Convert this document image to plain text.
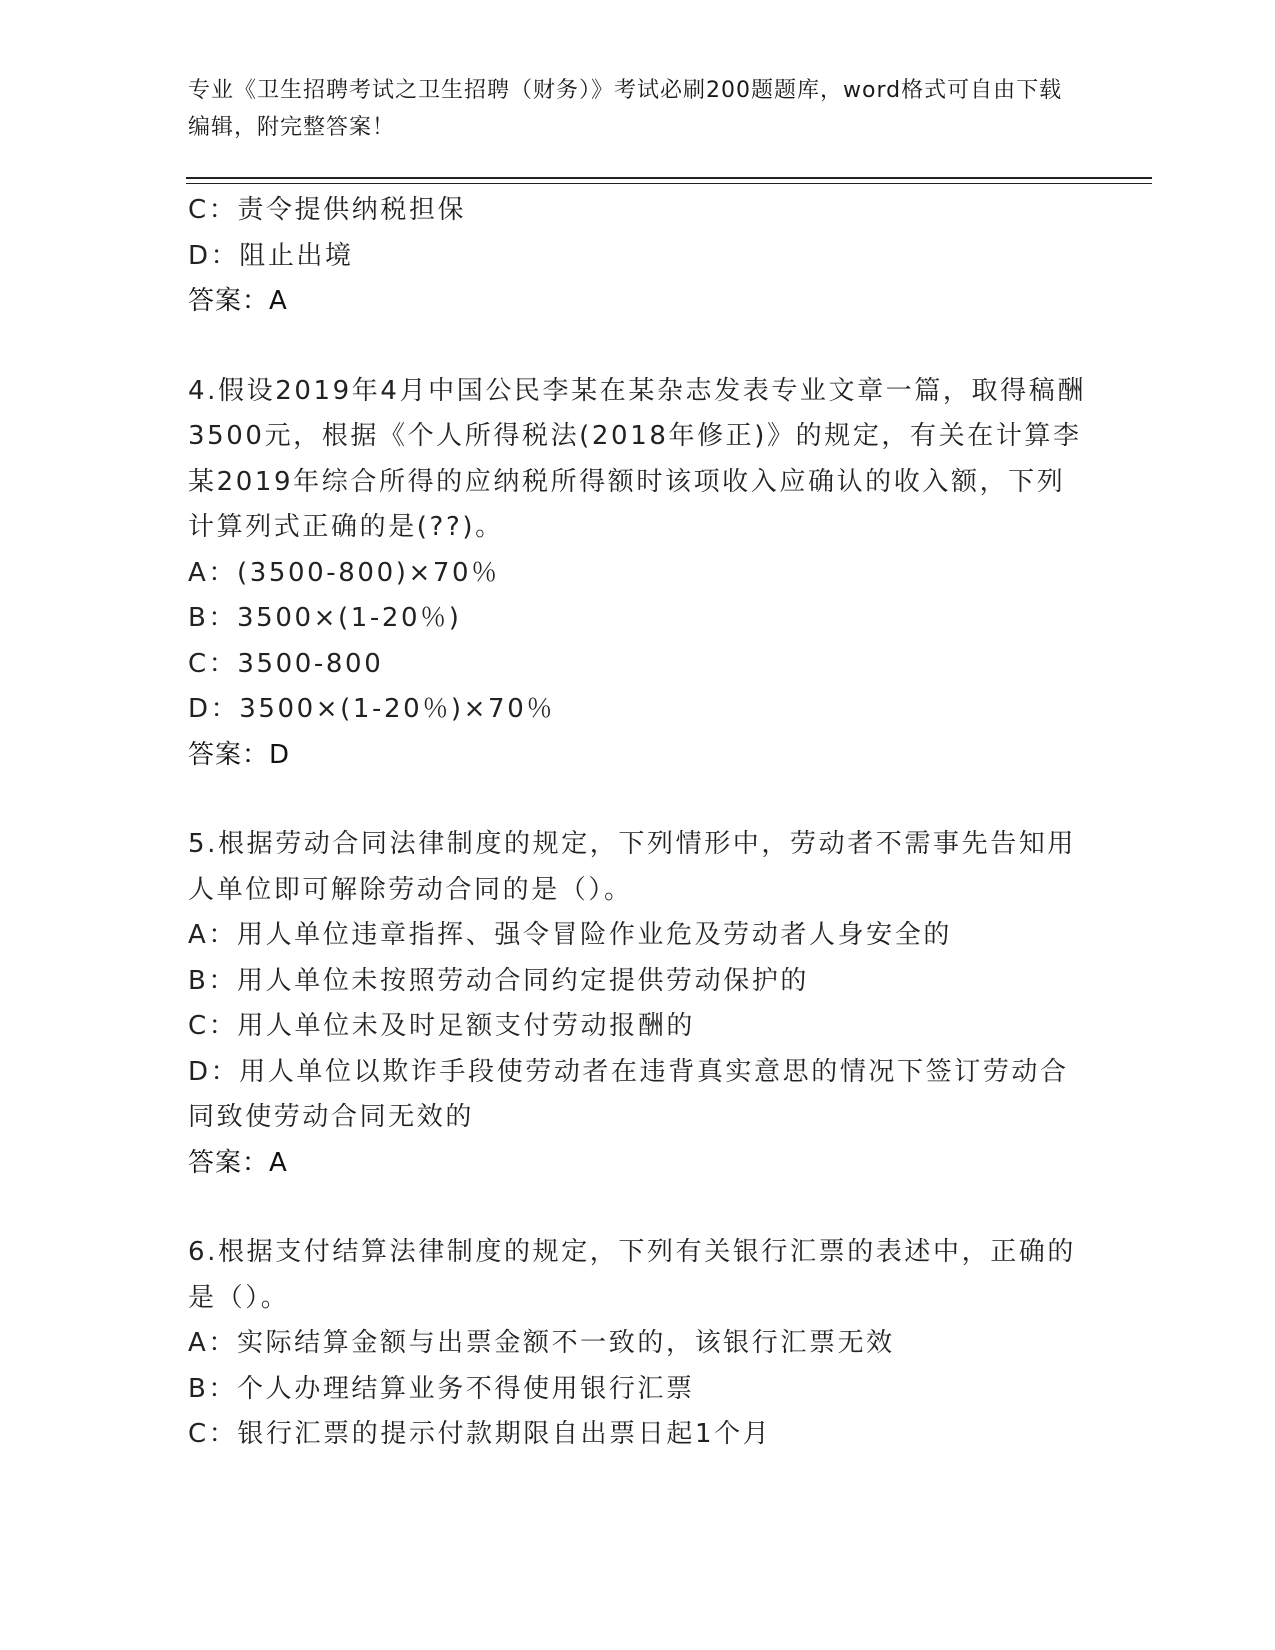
专业《卫生招聘考试之卫生招聘（财务）》考试必刷200题题库，word格式可自由下载编辑，附完整答案！
C：责令提供纳税担保
D：阻止出境
答案：A
4.假设2019年4月中国公民李某在某杂志发表专业文章一篇，取得稿酬3500元，根据《个人所得税法(2018年修正)》的规定，有关在计算李某2019年综合所得的应纳税所得额时该项收入应确认的收入额，下列计算列式正确的是(??)。
A：(3500-800)×70％
B：3500×(1-20％)
C：3500-800
D：3500×(1-20％)×70％
答案：D
5.根据劳动合同法律制度的规定，下列情形中，劳动者不需事先告知用人单位即可解除劳动合同的是（）。
A：用人单位违章指挥、强令冒险作业危及劳动者人身安全的
B：用人单位未按照劳动合同约定提供劳动保护的
C：用人单位未及时足额支付劳动报酬的
D：用人单位以欺诈手段使劳动者在违背真实意思的情况下签订劳动合同致使劳动合同无效的
答案：A
6.根据支付结算法律制度的规定，下列有关银行汇票的表述中，正确的是（）。
A：实际结算金额与出票金额不一致的，该银行汇票无效
B：个人办理结算业务不得使用银行汇票
C：银行汇票的提示付款期限自出票日起1个月
